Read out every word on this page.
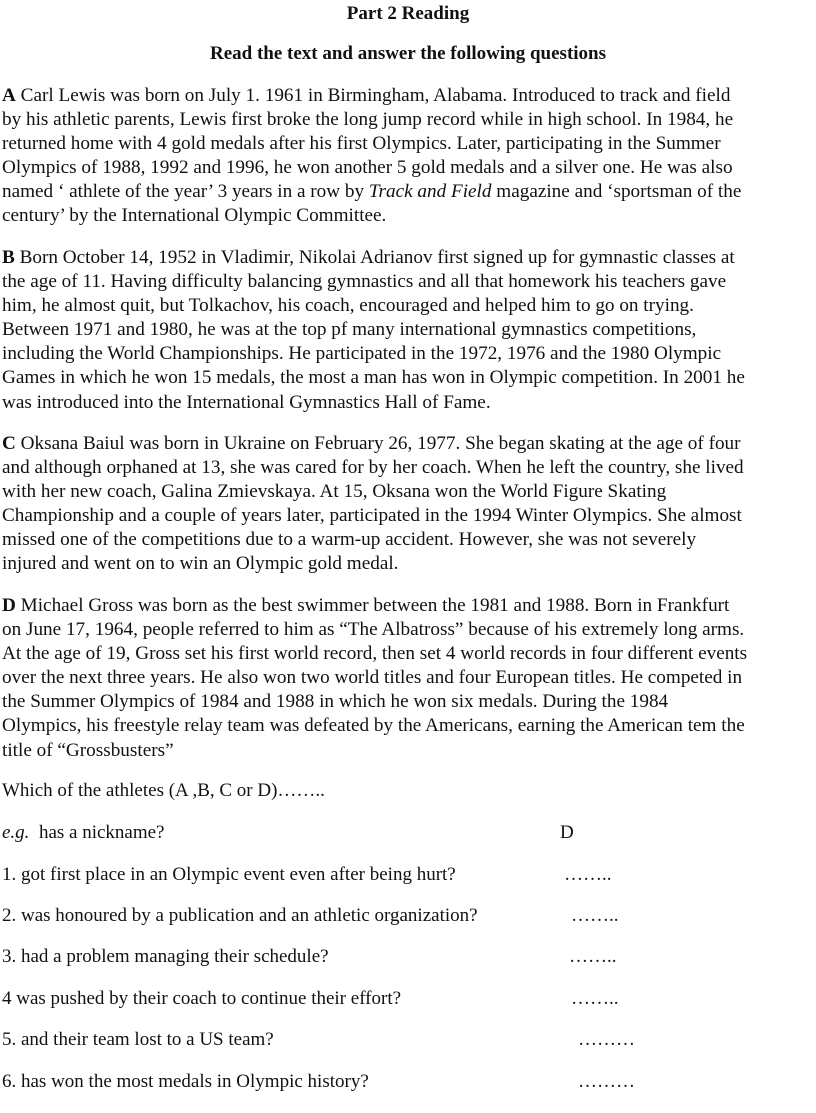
Part 2 Reading
Read the text and answer the following questions
A Carl Lewis was born on July 1. 1961 in Birmingham, Alabama. Introduced to track and field
by his athletic parents, Lewis first broke the long jump record while in high school. In 1984, he
returned home with 4 gold medals after his first Olympics. Later, participating in the Summer
Olympics of 1988, 1992 and 1996, he won another 5 gold medals and a silver one. He was also
named ‘ athlete of the year’ 3 years in a row by Track and Field magazine and ‘sportsman of the
century’ by the International Olympic Committee.
B Born October 14, 1952 in Vladimir, Nikolai Adrianov first signed up for gymnastic classes at
the age of 11. Having difficulty balancing gymnastics and all that homework his teachers gave
him, he almost quit, but Tolkachov, his coach, encouraged and helped him to go on trying.
Between 1971 and 1980, he was at the top pf many international gymnastics competitions,
including the World Championships. He participated in the 1972, 1976 and the 1980 Olympic
Games in which he won 15 medals, the most a man has won in Olympic competition. In 2001 he
was introduced into the International Gymnastics Hall of Fame.
C Oksana Baiul was born in Ukraine on February 26, 1977. She began skating at the age of four
and although orphaned at 13, she was cared for by her coach. When he left the country, she lived
with her new coach, Galina Zmievskaya. At 15, Oksana won the World Figure Skating
Championship and a couple of years later, participated in the 1994 Winter Olympics. She almost
missed one of the competitions due to a warm-up accident. However, she was not severely
injured and went on to win an Olympic gold medal.
D Michael Gross was born as the best swimmer between the 1981 and 1988. Born in Frankfurt
on June 17, 1964, people referred to him as “The Albatross” because of his extremely long arms.
At the age of 19, Gross set his first world record, then set 4 world records in four different events
over the next three years. He also won two world titles and four European titles. He competed in
the Summer Olympics of 1984 and 1988 in which he won six medals. During the 1984
Olympics, his freestyle relay team was defeated by the Americans, earning the American tem the
title of “Grossbusters”

Which of the athletes (A ,B, C or D)……..

e.g.  has a nickname?	D

1. got first place in an Olympic event even after being hurt?	……..

2. was honoured by a publication and an athletic organization?	……..

3. had a problem managing their schedule?	……..

4 was pushed by their coach to continue their effort?	……..

5. and their team lost to a US team?	………

6. has won the most medals in Olympic history?	………
